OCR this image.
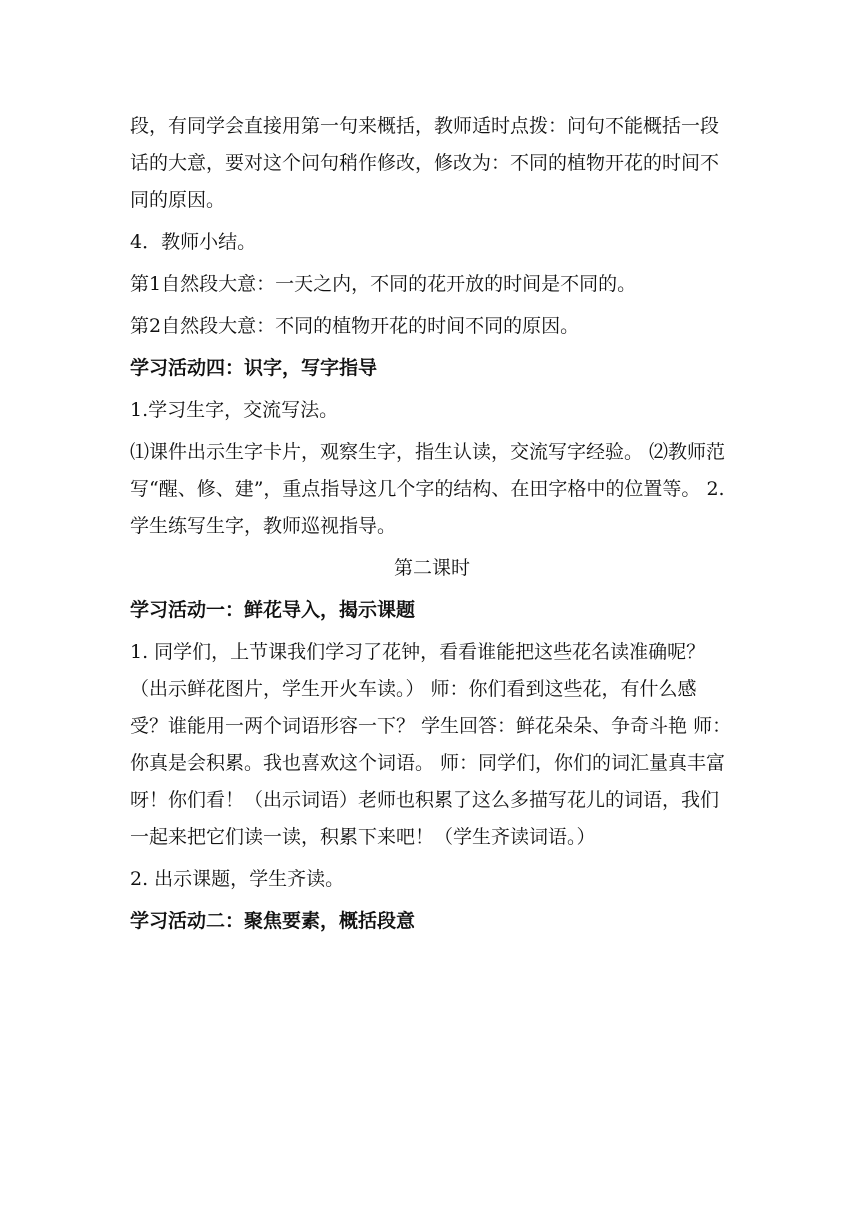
段，有同学会直接用第一句来概括，教师适时点拨：问句不能概括一段话的大意，要对这个问句稍作修改，修改为：不同的植物开花的时间不同的原因。

4．教师小结。

第1自然段大意：一天之内，不同的花开放的时间是不同的。

第2自然段大意：不同的植物开花的时间不同的原因。

学习活动四：识字，写字指导

1.学习生字，交流写法。

⑴课件出示生字卡片，观察生字，指生认读，交流写字经验。 ⑵教师范写“醒、修、建”，重点指导这几个字的结构、在田字格中的位置等。 2.学生练写生字，教师巡视指导。

第二课时

学习活动一：鲜花导入，揭示课题

1. 同学们，上节课我们学习了花钟，看看谁能把这些花名读准确呢？（出示鲜花图片，学生开火车读。） 师：你们看到这些花，有什么感受？谁能用一两个词语形容一下？ 学生回答：鲜花朵朵、争奇斗艳 师：你真是会积累。我也喜欢这个词语。 师：同学们，你们的词汇量真丰富呀！你们看！（出示词语）老师也积累了这么多描写花儿的词语，我们一起来把它们读一读，积累下来吧！（学生齐读词语。）

2. 出示课题，学生齐读。

学习活动二：聚焦要素，概括段意
